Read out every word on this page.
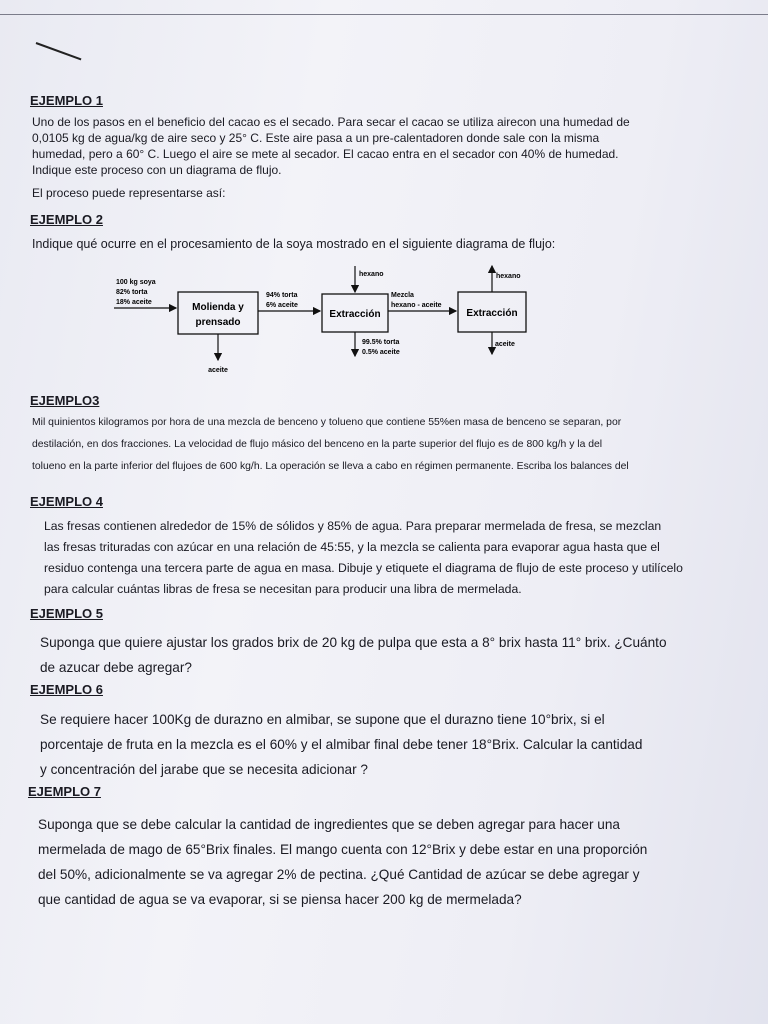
EJEMPLO 1
Uno de los pasos en el beneficio del cacao es el secado. Para secar el cacao se utiliza airecon una humedad de
0,0105 kg de agua/kg de aire seco y 25° C. Este aire pasa a un pre-calentadoren donde sale con la misma
humedad, pero a 60° C. Luego el aire se mete al secador. El cacao entra en el secador con 40% de humedad.
Indique este proceso con un diagrama de flujo.
El proceso puede representarse así:
EJEMPLO 2
Indique qué ocurre en el procesamiento de la soya mostrado en el siguiente diagrama de flujo:
100 kg soya
82% torta
18% aceite	Molienda y
prensado
aceite
94% torta
6% aceite
Extracción
hexano
99.5% torta
0.5% aceite
Mezcla
hexano - aceite
Extracción
hexano
aceite
EJEMPLO3
Mil quinientos kilogramos por hora de una mezcla de benceno y tolueno que contiene 55%en masa de benceno se separan, por
destilación, en dos fracciones. La velocidad de flujo másico del benceno en la parte superior del flujo es de 800 kg/h y la del
tolueno en la parte inferior del flujoes de 600 kg/h. La operación se lleva a cabo en régimen permanente. Escriba los balances del
EJEMPLO 4
Las fresas contienen alrededor de 15% de sólidos y 85% de agua. Para preparar mermelada de fresa, se mezclan
las fresas trituradas con azúcar en una relación de 45:55, y la mezcla se calienta para evaporar agua hasta que el
residuo contenga una tercera parte de agua en masa. Dibuje y etiquete el diagrama de flujo de este proceso y utilícelo
para calcular cuántas libras de fresa se necesitan para producir una libra de mermelada.
EJEMPLO 5
Suponga que quiere ajustar los grados brix de 20 kg de pulpa que esta a 8° brix hasta 11° brix. ¿Cuánto
de azucar debe agregar?
EJEMPLO 6
Se requiere hacer 100Kg de durazno en almibar, se supone que el durazno tiene 10°brix, si el
porcentaje de fruta en la mezcla es el 60% y el almibar final debe tener 18°Brix. Calcular la cantidad
y concentración del jarabe que se necesita adicionar ?
EJEMPLO 7
Suponga que se debe calcular la cantidad de ingredientes que se deben agregar para hacer una
mermelada de mago de 65°Brix finales. El mango cuenta con 12°Brix y debe estar en una proporción
del 50%, adicionalmente se va agregar 2% de pectina. ¿Qué Cantidad de azúcar se debe agregar y
que cantidad de agua se va evaporar, si se piensa hacer 200 kg de mermelada?
